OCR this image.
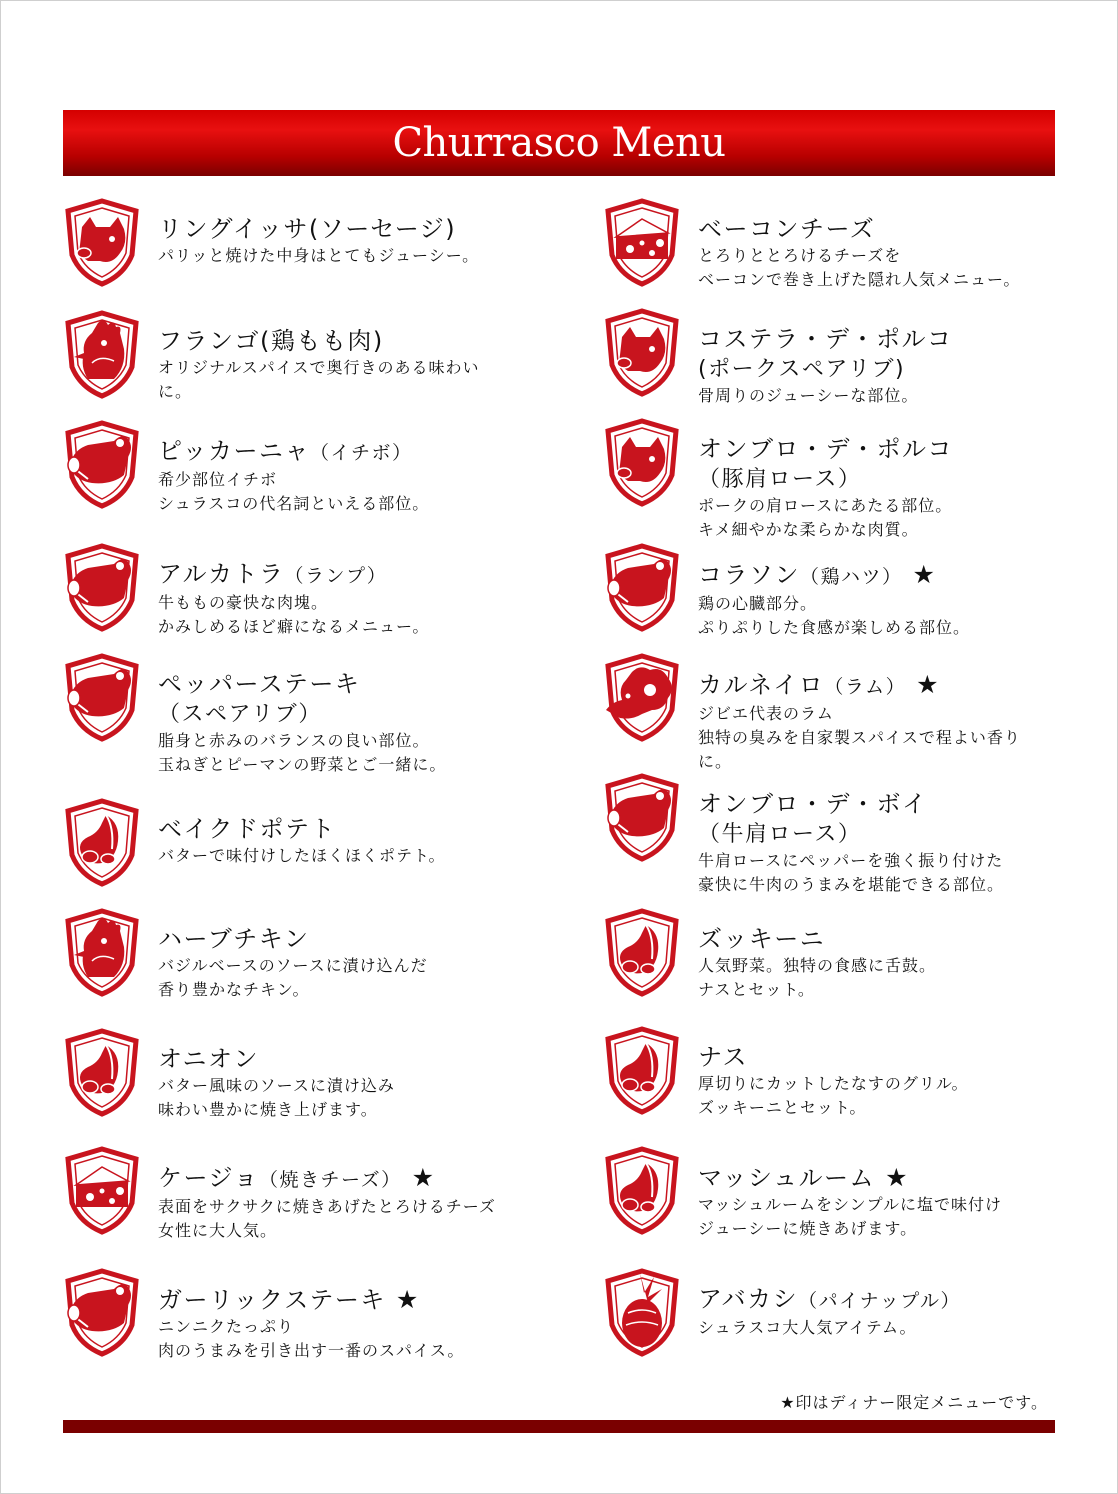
Churrasco Menu
リングイッサ(ソーセージ)
パリッと焼けた中身はとてもジューシー。
フランゴ(鶏もも肉)
オリジナルスパイスで奥行きのある味わい
に。
ピッカーニャ（イチボ）
希少部位イチボ
シュラスコの代名詞といえる部位。
アルカトラ（ランプ）
牛ももの豪快な肉塊。
かみしめるほど癖になるメニュー。
ペッパーステーキ
（スペアリブ）
脂身と赤みのバランスの良い部位。
玉ねぎとピーマンの野菜とご一緒に。
ベイクドポテト
バターで味付けしたほくほくポテト。
ハーブチキン
バジルベースのソースに漬け込んだ
香り豊かなチキン。
オニオン
バター風味のソースに漬け込み
味わい豊かに焼き上げます。
ケージョ（焼きチーズ） ★
表面をサクサクに焼きあげたとろけるチーズ
女性に大人気。
ガーリックステーキ ★
ニンニクたっぷり
肉のうまみを引き出す一番のスパイス。
ベーコンチーズ
とろりととろけるチーズを
ベーコンで巻き上げた隠れ人気メニュー。
コステラ・デ・ポルコ
(ポークスペアリブ)
骨周りのジューシーな部位。
オンブロ・デ・ポルコ
（豚肩ロース）
ポークの肩ロースにあたる部位。
キメ細やかな柔らかな肉質。
コラソン（鶏ハツ） ★
鶏の心臓部分。
ぷりぷりした食感が楽しめる部位。
カルネイロ（ラム） ★
ジビエ代表のラム
独特の臭みを自家製スパイスで程よい香り
に。
オンブロ・デ・ボイ
（牛肩ロース）
牛肩ロースにペッパーを強く振り付けた
豪快に牛肉のうまみを堪能できる部位。
ズッキーニ
人気野菜。独特の食感に舌鼓。
ナスとセット。
ナス
厚切りにカットしたなすのグリル。
ズッキーニとセット。
マッシュルーム ★
マッシュルームをシンプルに塩で味付け
ジューシーに焼きあげます。
アバカシ（パイナップル）
シュラスコ大人気アイテム。
★印はディナー限定メニューです。
